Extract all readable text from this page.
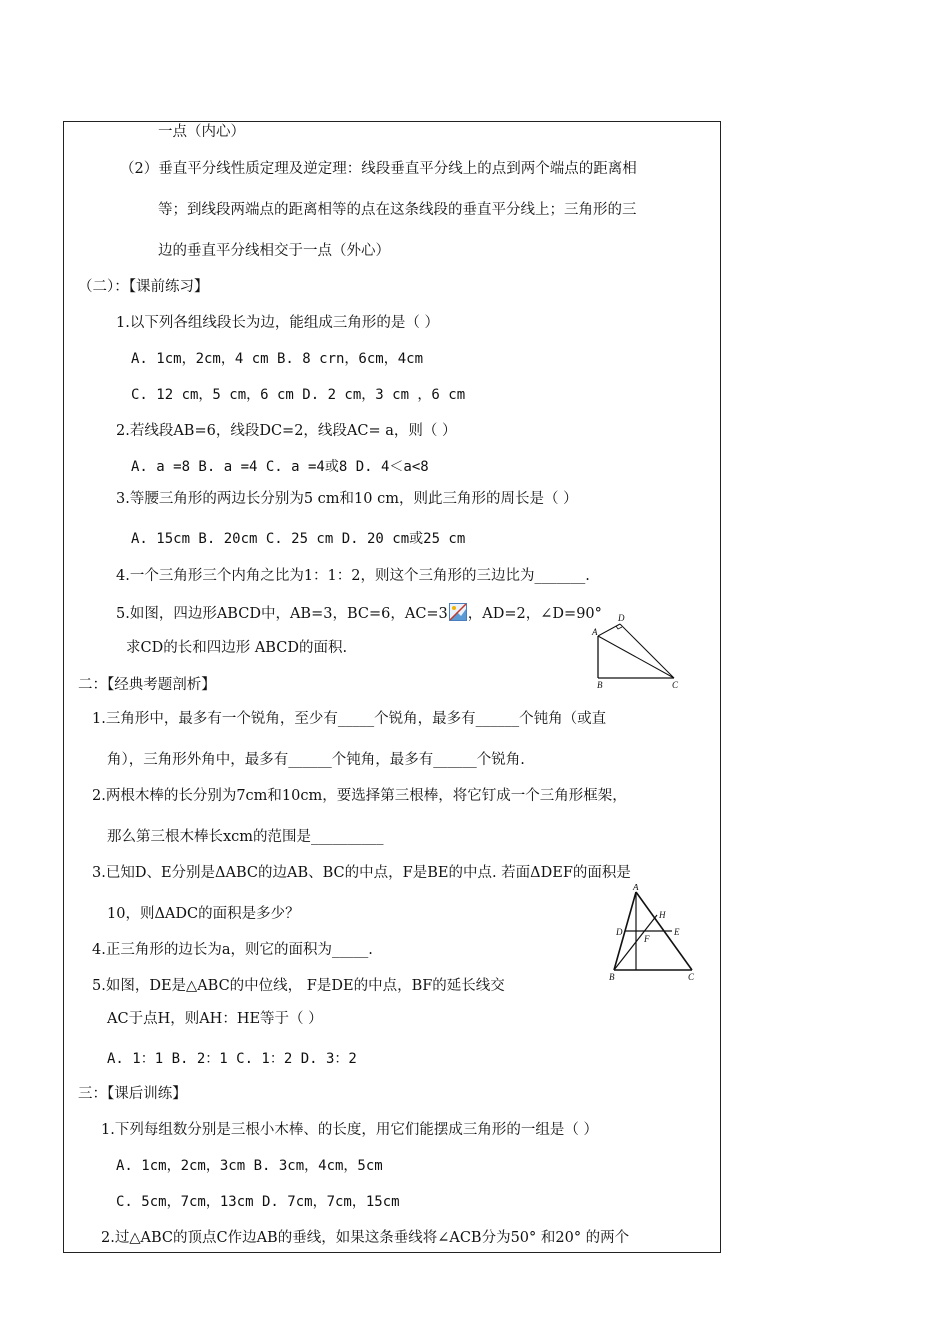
一点（内心）
（2）垂直平分线性质定理及逆定理：线段垂直平分线上的点到两个端点的距离相
等；到线段两端点的距离相等的点在这条线段的垂直平分线上；三角形的三
边的垂直平分线相交于一点（外心）
（二）：【课前练习】
1.以下列各组线段长为边，能组成三角形的是（ ）
A. 1cm，2cm，4 cm B. 8 crn，6cm，4cm
C. 12 cm，5 cm，6 cm D. 2 cm，3 cm ，6 cm
2.若线段AB=6，线段DC=2，线段AC= a，则（ ）
A. a =8 B. a =4 C. a =4或8 D. 4＜a<8
3.等腰三角形的两边长分别为5 cm和10 cm，则此三角形的周长是（ ）
A. 15cm B. 20cm C. 25 cm D. 20 cm或25 cm
4.一个三角形三个内角之比为1：1：2，则这个三角形的三边比为_______.
5.如图，四边形ABCD中，AB=3，BC=6，AC=3 ，AD=2，∠D=90°
求CD的长和四边形 ABCD的面积.
A
B	C
D
二：【经典考题剖析】
1.三角形中，最多有一个锐角，至少有_____个锐角，最多有______个钝角（或直
角），三角形外角中，最多有______个钝角，最多有______个锐角.
2.两根木棒的长分别为7cm和10cm，要选择第三根棒，将它钉成一个三角形框架，
那么第三根木棒长xcm的范围是__________
3.已知D、E分别是ΔABC的边AB、BC的中点，F是BE的中点. 若面ΔDEF的面积是
10，则ΔADC的面积是多少？
4.正三角形的边长为a，则它的面积为_____.
5.如图，DE是△ABC的中位线， F是DE的中点，BF的延长线交
AC于点H，则AH：HE等于（ ）
A. 1：1 B. 2：1 C. 1：2 D. 3：2
A
B	C
D	E
F
H
三：【课后训练】
1.下列每组数分别是三根小木棒、的长度，用它们能摆成三角形的一组是（ ）
A. 1cm，2cm，3cm B. 3cm，4cm，5cm
C. 5cm，7cm，13cm D. 7cm，7cm，15cm
2.过△ABC的顶点C作边AB的垂线，如果这条垂线将∠ACB分为50° 和20° 的两个
